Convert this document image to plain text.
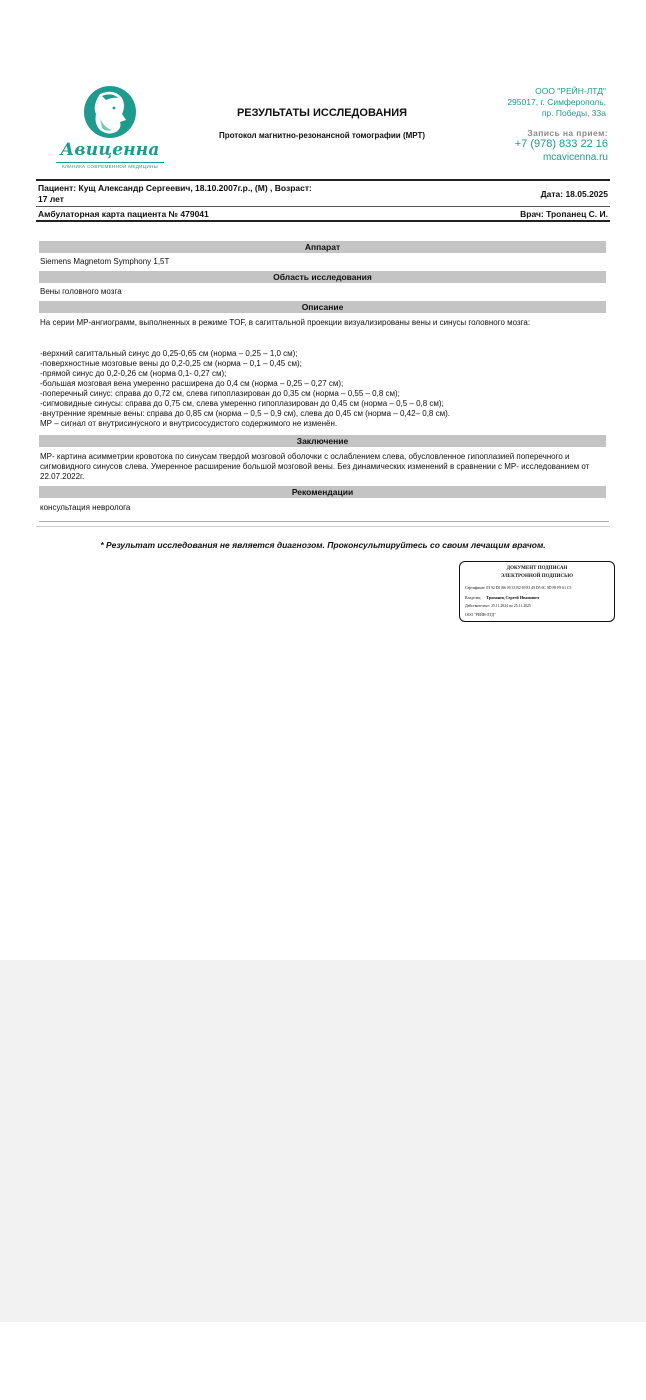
Авиценна
КЛИНИКА СОВРЕМЕННОЙ МЕДИЦИНЫ
РЕЗУЛЬТАТЫ ИССЛЕДОВАНИЯ
Протокол магнитно-резонансной томографии (МРТ)
ООО "РЕЙН-ЛТД"
295017, г. Симферополь,
пр. Победы, 33а
Запись на прием:
+7 (978) 833 22 16
mcavicenna.ru
Пациент: Кущ Александр Сергеевич, 18.10.2007г.р., (М) , Возраст:
17 лет	Дата: 18.05.2025
Амбулаторная карта пациента № 479041	Врач: Тропанец С. И.
Аппарат
Siemens Magnetom Symphony 1,5T
Область исследования
Вены головного мозга
Описание
На серии МР-ангиограмм, выполненных в режиме TOF, в сагиттальной проекции визуализированы вены и синусы головного мозга:
-верхний сагиттальный синус до 0,25-0,65 см (норма – 0,25 – 1,0 см);
-поверхностные мозговые вены до 0,2-0,25 см (норма – 0,1 – 0,45 см);
-прямой синус до 0,2-0,26 см (норма 0,1- 0,27 см);
-большая мозговая вена умеренно расширена до 0,4 см (норма – 0,25 – 0,27 см);
-поперечный синус: справа до 0,72 см, слева гипоплазирован до 0,35 см (норма – 0,55 – 0,8 см);
-сигмовидные синусы: справа до 0,75 см, слева умеренно гипоплазирован до 0,45 см (норма – 0,5 – 0,8 см);
-внутренние яремные вены: справа до 0,85 см (норма – 0,5 – 0,9 см), слева до 0,45 см (норма – 0,42– 0,8 см).
МР – сигнал от внутрисинусного и внутрисосудистого содержимого не изменён.
Заключение
МР- картина асимметрии кровотока по синусам твердой мозговой оболочки с ослаблением слева, обусловленное гипоплазией поперечного и сигмовидного синусов слева. Умеренное расширение большой мозговой вены. Без динамических изменений в сравнении с МР- исследованием от 22.07.2022г.
Рекомендации
консультация невролога
* Результат исследования не является диагнозом. Проконсультируйтесь со своим лечащим врачом.
ДОКУМЕНТ ПОДПИСАН
ЭЛЕКТРОННОЙ ПОДПИСЬЮ
Сертификат: 03 92 D1 B6 00 33 B2 69 83 49 D5 6C 9D 89 F8 61 C5
Владелец: Тропанец Сергей Иванович
Действителен с 25.11.2024 по 25.11.2025
ООО "РЕЙН-ЛТД"
